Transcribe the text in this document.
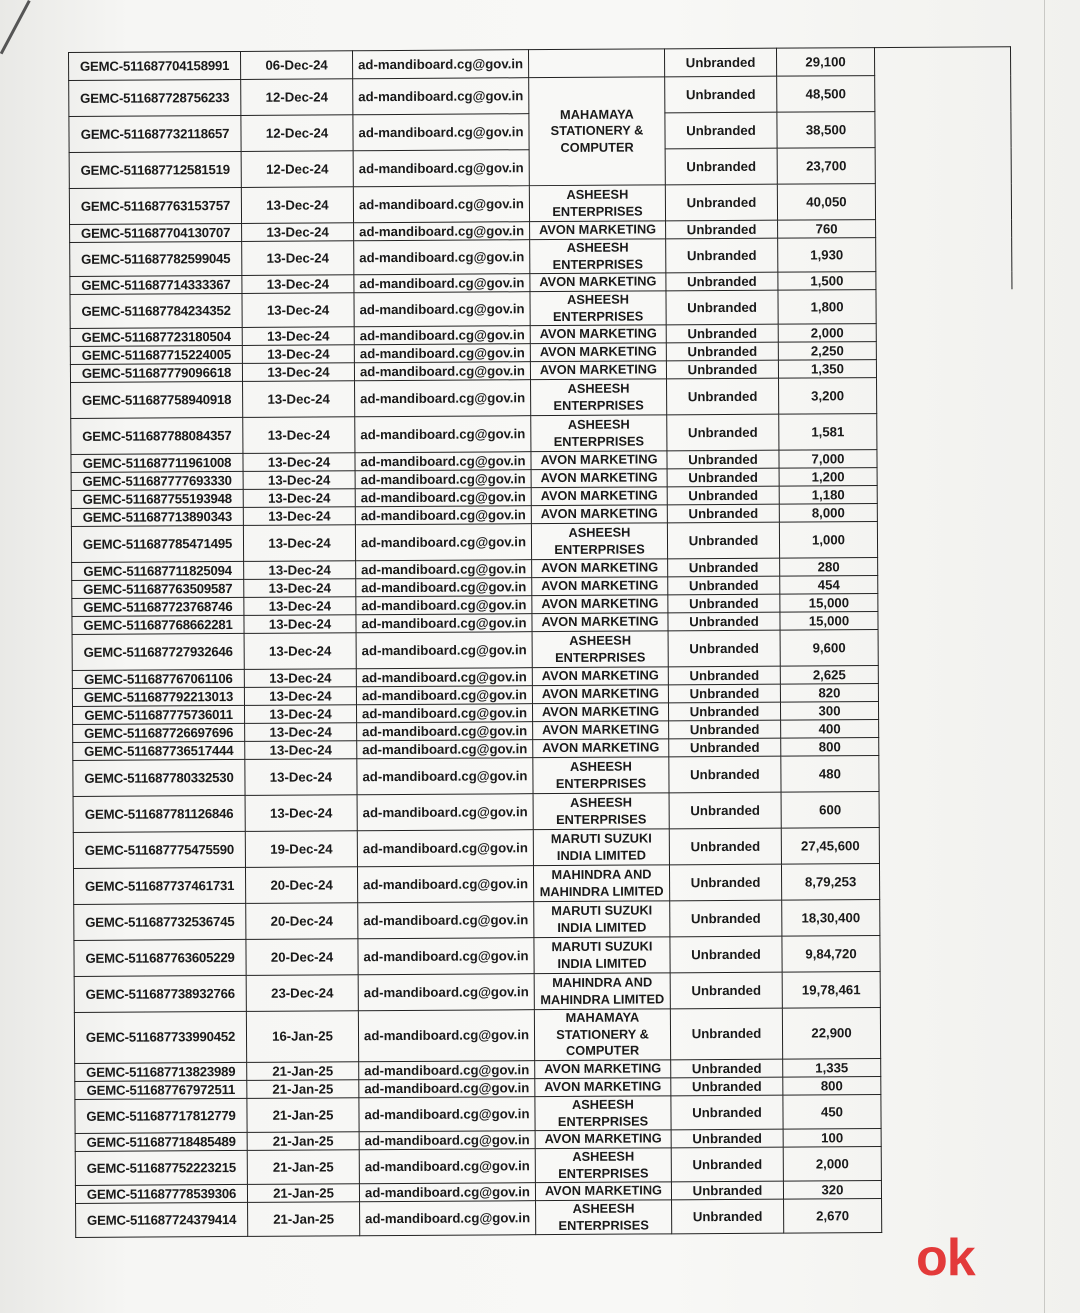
GEMC-511687704158991	06-Dec-24	ad-mandiboard.cg@gov.in		Unbranded	29,100	
GEMC-511687728756233	12-Dec-24	ad-mandiboard.cg@gov.in	MAHAMAYA STATIONERY & COMPUTER	Unbranded	48,500	
GEMC-511687732118657	12-Dec-24	ad-mandiboard.cg@gov.in		Unbranded	38,500	
GEMC-511687712581519	12-Dec-24	ad-mandiboard.cg@gov.in		Unbranded	23,700	
GEMC-511687763153757	13-Dec-24	ad-mandiboard.cg@gov.in	ASHEESH ENTERPRISES	Unbranded	40,050	
GEMC-511687704130707	13-Dec-24	ad-mandiboard.cg@gov.in	AVON MARKETING	Unbranded	760	
GEMC-511687782599045	13-Dec-24	ad-mandiboard.cg@gov.in	ASHEESH ENTERPRISES	Unbranded	1,930	
GEMC-511687714333367	13-Dec-24	ad-mandiboard.cg@gov.in	AVON MARKETING	Unbranded	1,500	
GEMC-511687784234352	13-Dec-24	ad-mandiboard.cg@gov.in	ASHEESH ENTERPRISES	Unbranded	1,800	
GEMC-511687723180504	13-Dec-24	ad-mandiboard.cg@gov.in	AVON MARKETING	Unbranded	2,000	
GEMC-511687715224005	13-Dec-24	ad-mandiboard.cg@gov.in	AVON MARKETING	Unbranded	2,250	
GEMC-511687779096618	13-Dec-24	ad-mandiboard.cg@gov.in	AVON MARKETING	Unbranded	1,350	
GEMC-511687758940918	13-Dec-24	ad-mandiboard.cg@gov.in	ASHEESH ENTERPRISES	Unbranded	3,200	
GEMC-511687788084357	13-Dec-24	ad-mandiboard.cg@gov.in	ASHEESH ENTERPRISES	Unbranded	1,581	
GEMC-511687711961008	13-Dec-24	ad-mandiboard.cg@gov.in	AVON MARKETING	Unbranded	7,000	
GEMC-511687777693330	13-Dec-24	ad-mandiboard.cg@gov.in	AVON MARKETING	Unbranded	1,200	
GEMC-511687755193948	13-Dec-24	ad-mandiboard.cg@gov.in	AVON MARKETING	Unbranded	1,180	
GEMC-511687713890343	13-Dec-24	ad-mandiboard.cg@gov.in	AVON MARKETING	Unbranded	8,000	
GEMC-511687785471495	13-Dec-24	ad-mandiboard.cg@gov.in	ASHEESH ENTERPRISES	Unbranded	1,000	
GEMC-511687711825094	13-Dec-24	ad-mandiboard.cg@gov.in	AVON MARKETING	Unbranded	280	
GEMC-511687763509587	13-Dec-24	ad-mandiboard.cg@gov.in	AVON MARKETING	Unbranded	454	
GEMC-511687723768746	13-Dec-24	ad-mandiboard.cg@gov.in	AVON MARKETING	Unbranded	15,000	
GEMC-511687768662281	13-Dec-24	ad-mandiboard.cg@gov.in	AVON MARKETING	Unbranded	15,000	
GEMC-511687727932646	13-Dec-24	ad-mandiboard.cg@gov.in	ASHEESH ENTERPRISES	Unbranded	9,600	
GEMC-511687767061106	13-Dec-24	ad-mandiboard.cg@gov.in	AVON MARKETING	Unbranded	2,625	
GEMC-511687792213013	13-Dec-24	ad-mandiboard.cg@gov.in	AVON MARKETING	Unbranded	820	
GEMC-511687775736011	13-Dec-24	ad-mandiboard.cg@gov.in	AVON MARKETING	Unbranded	300	
GEMC-511687726697696	13-Dec-24	ad-mandiboard.cg@gov.in	AVON MARKETING	Unbranded	400	
GEMC-511687736517444	13-Dec-24	ad-mandiboard.cg@gov.in	AVON MARKETING	Unbranded	800	
GEMC-511687780332530	13-Dec-24	ad-mandiboard.cg@gov.in	ASHEESH ENTERPRISES	Unbranded	480	
GEMC-511687781126846	13-Dec-24	ad-mandiboard.cg@gov.in	ASHEESH ENTERPRISES	Unbranded	600	
GEMC-511687775475590	19-Dec-24	ad-mandiboard.cg@gov.in	MARUTI SUZUKI INDIA LIMITED	Unbranded	27,45,600	
GEMC-511687737461731	20-Dec-24	ad-mandiboard.cg@gov.in	MAHINDRA AND MAHINDRA LIMITED	Unbranded	8,79,253	
GEMC-511687732536745	20-Dec-24	ad-mandiboard.cg@gov.in	MARUTI SUZUKI INDIA LIMITED	Unbranded	18,30,400	
GEMC-511687763605229	20-Dec-24	ad-mandiboard.cg@gov.in	MARUTI SUZUKI INDIA LIMITED	Unbranded	9,84,720	
GEMC-511687738932766	23-Dec-24	ad-mandiboard.cg@gov.in	MAHINDRA AND MAHINDRA LIMITED	Unbranded	19,78,461	
GEMC-511687733990452	16-Jan-25	ad-mandiboard.cg@gov.in	MAHAMAYA STATIONERY & COMPUTER	Unbranded	22,900	
GEMC-511687713823989	21-Jan-25	ad-mandiboard.cg@gov.in	AVON MARKETING	Unbranded	1,335	
GEMC-511687767972511	21-Jan-25	ad-mandiboard.cg@gov.in	AVON MARKETING	Unbranded	800	
GEMC-511687717812779	21-Jan-25	ad-mandiboard.cg@gov.in	ASHEESH ENTERPRISES	Unbranded	450	
GEMC-511687718485489	21-Jan-25	ad-mandiboard.cg@gov.in	AVON MARKETING	Unbranded	100	
GEMC-511687752223215	21-Jan-25	ad-mandiboard.cg@gov.in	ASHEESH ENTERPRISES	Unbranded	2,000	
GEMC-511687778539306	21-Jan-25	ad-mandiboard.cg@gov.in	AVON MARKETING	Unbranded	320	
GEMC-511687724379414	21-Jan-25	ad-mandiboard.cg@gov.in	ASHEESH ENTERPRISES	Unbranded	2,670	
ok
